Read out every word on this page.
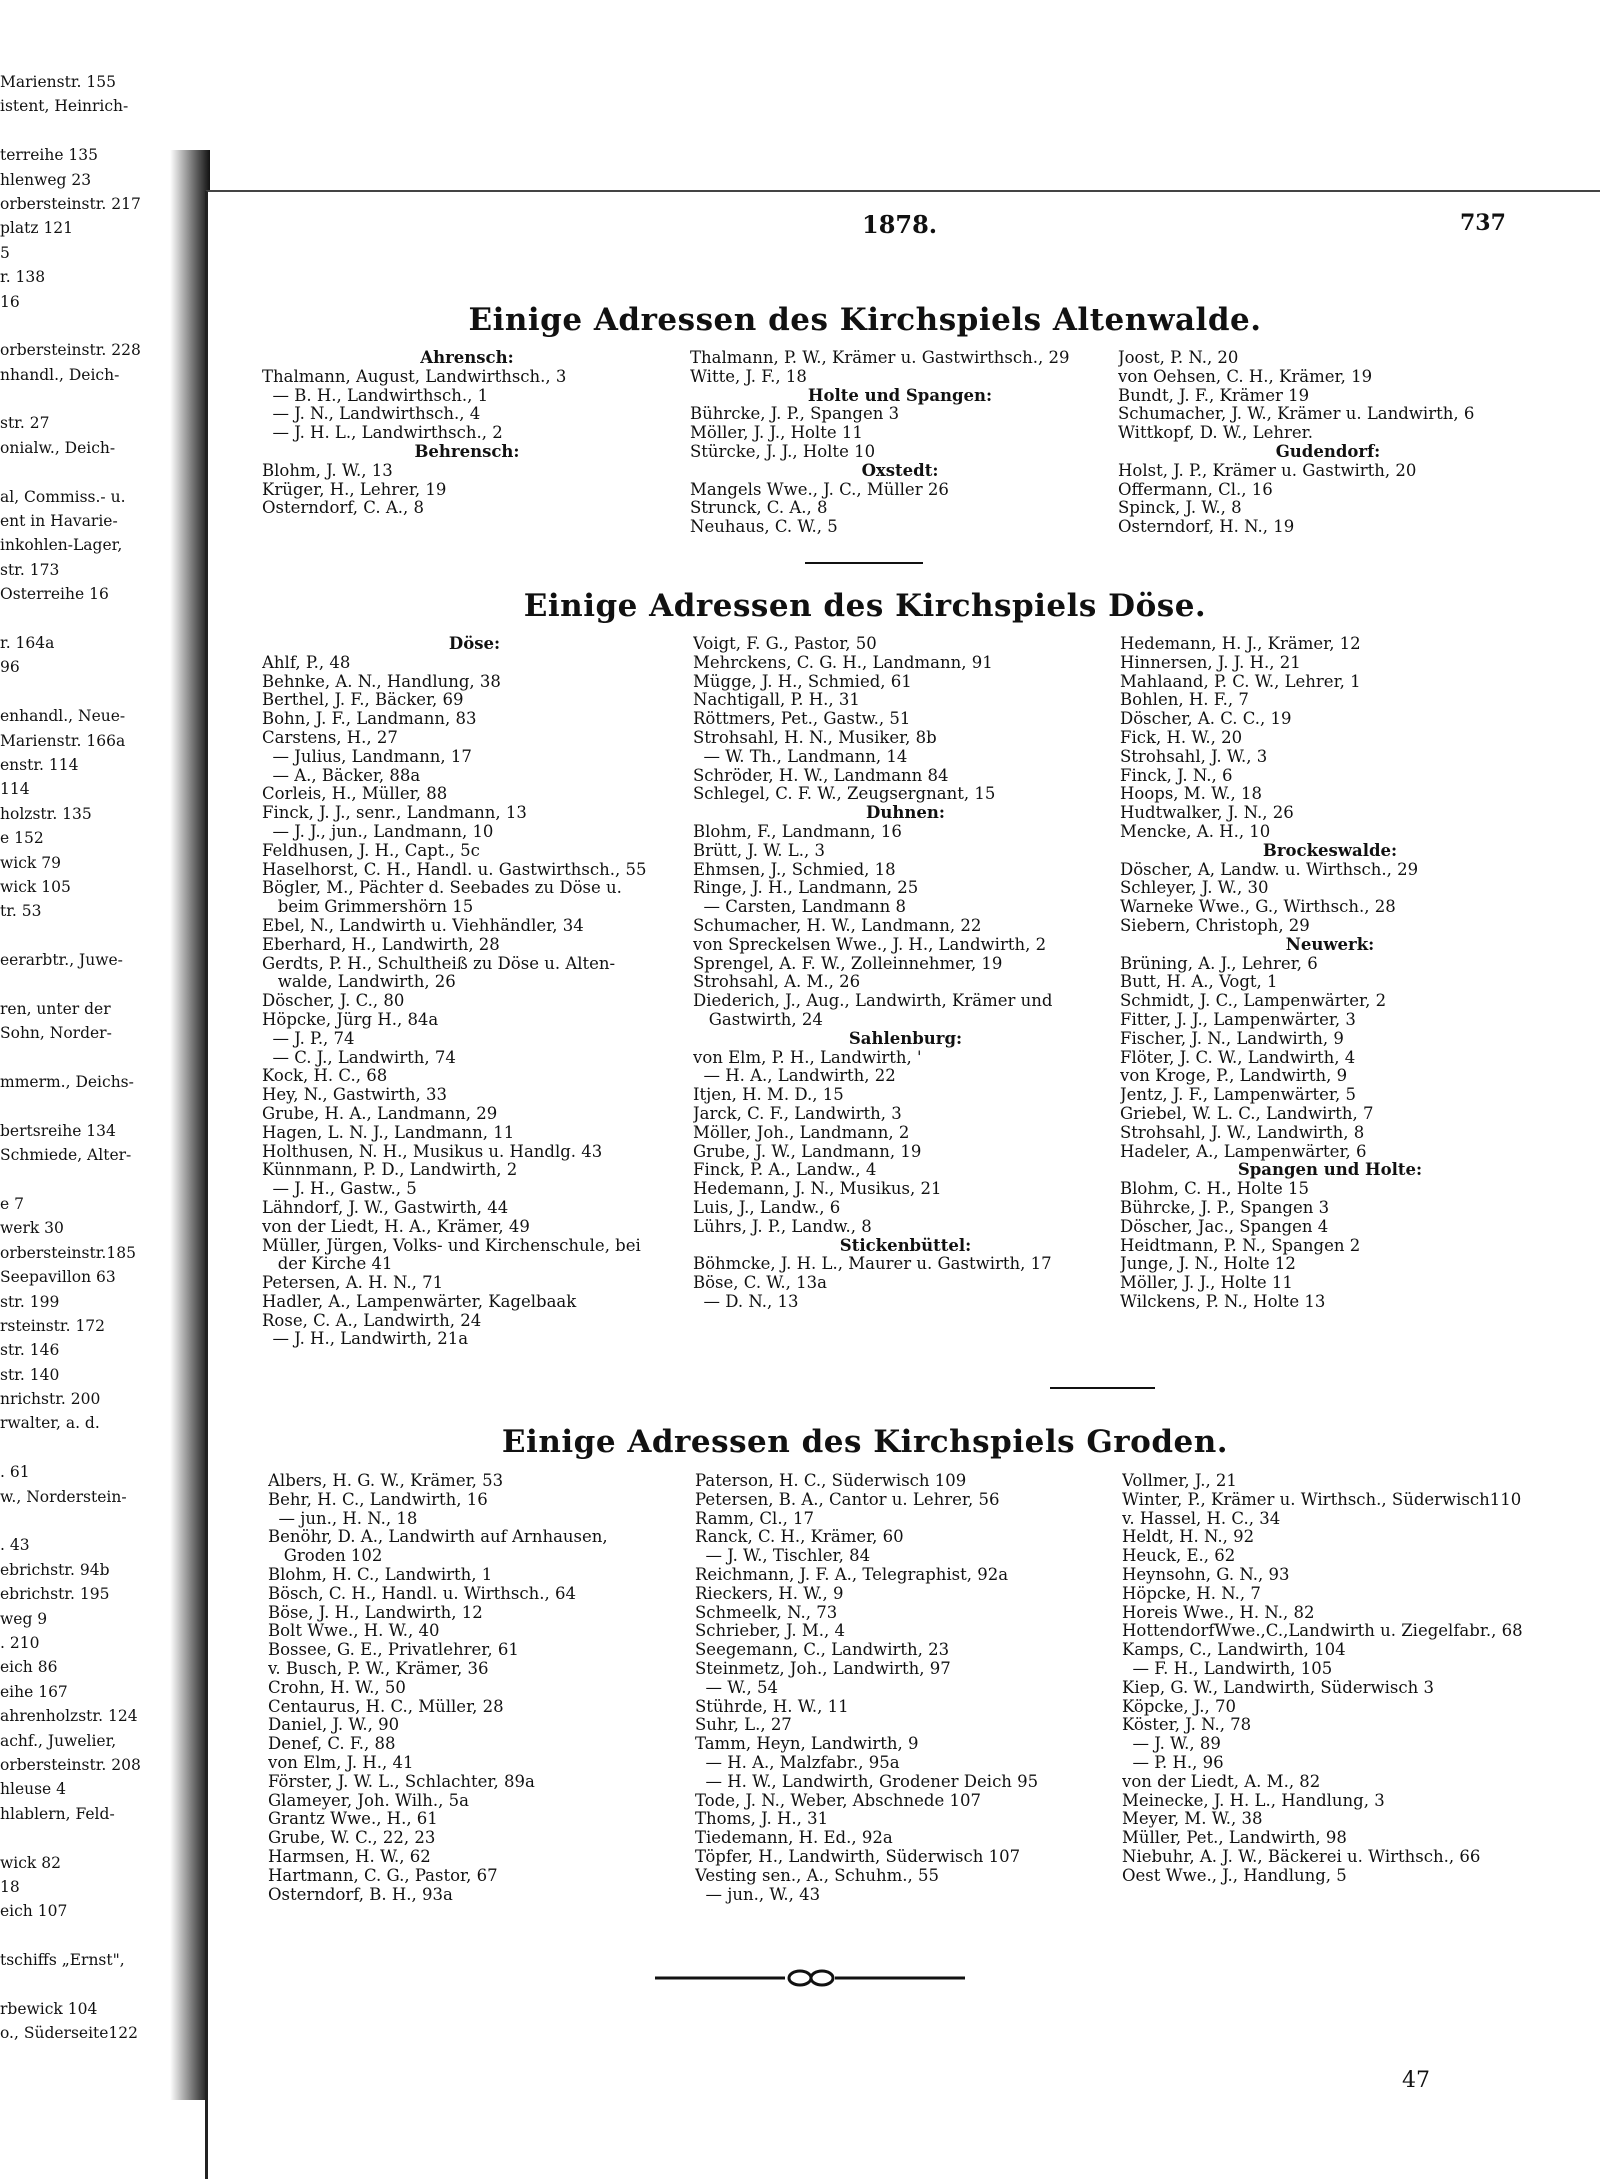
Marienstr. 155
istent, Heinrich-
terreihe 135
hlenweg 23
orbersteinstr. 217
platz 121
5
r. 138
16
orbersteinstr. 228
nhandl., Deich-
str. 27
onialw., Deich-
al, Commiss.- u.
ent in Havarie-
inkohlen-Lager,
str. 173
Osterreihe 16
r. 164a
96
enhandl., Neue-
Marienstr. 166a
enstr. 114
114
holzstr. 135
e 152
wick 79
wick 105
tr. 53
eerarbtr., Juwe-
ren, unter der
Sohn, Norder-
mmerm., Deichs-
bertsreihe 134
Schmiede, Alter-
e 7
werk 30
orbersteinstr.185
Seepavillon 63
str. 199
rsteinstr. 172
str. 146
str. 140
nrichstr. 200
rwalter, a. d.
. 61
w., Norderstein-
. 43
ebrichstr. 94b
ebrichstr. 195
weg 9
. 210
eich 86
eihe 167
ahrenholzstr. 124
achf., Juwelier,
orbersteinstr. 208
hleuse 4
hlablern, Feld-
wick 82
18
eich 107
tschiffs „Ernst",
rbewick 104
o., Süderseite122
1878.	737
Einige Adressen des Kirchspiels Altenwalde.
Ahrensch:
Thalmann, August, Landwirthsch., 3
— B. H., Landwirthsch., 1
— J. N., Landwirthsch., 4
— J. H. L., Landwirthsch., 2
Behrensch:
Blohm, J. W., 13
Krüger, H., Lehrer, 19
Osterndorf, C. A., 8
Thalmann, P. W., Krämer u. Gastwirthsch., 29
Witte, J. F., 18
Holte und Spangen:
Bührcke, J. P., Spangen 3
Möller, J. J., Holte 11
Stürcke, J. J., Holte 10
Oxstedt:
Mangels Wwe., J. C., Müller 26
Strunck, C. A., 8
Neuhaus, C. W., 5
Joost, P. N., 20
von Oehsen, C. H., Krämer, 19
Bundt, J. F., Krämer 19
Schumacher, J. W., Krämer u. Landwirth, 6
Wittkopf, D. W., Lehrer.
Gudendorf:
Holst, J. P., Krämer u. Gastwirth, 20
Offermann, Cl., 16
Spinck, J. W., 8
Osterndorf, H. N., 19
Einige Adressen des Kirchspiels Döse.
Döse:
Ahlf, P., 48
Behnke, A. N., Handlung, 38
Berthel, J. F., Bäcker, 69
Bohn, J. F., Landmann, 83
Carstens, H., 27
— Julius, Landmann, 17
— A., Bäcker, 88a
Corleis, H., Müller, 88
Finck, J. J., senr., Landmann, 13
— J. J., jun., Landmann, 10
Feldhusen, J. H., Capt., 5c
Haselhorst, C. H., Handl. u. Gastwirthsch., 55
Bögler, M., Pächter d. Seebades zu Döse u.
beim Grimmershörn 15
Ebel, N., Landwirth u. Viehhändler, 34
Eberhard, H., Landwirth, 28
Gerdts, P. H., Schultheiß zu Döse u. Alten-
walde, Landwirth, 26
Döscher, J. C., 80
Höpcke, Jürg H., 84a
— J. P., 74
— C. J., Landwirth, 74
Kock, H. C., 68
Hey, N., Gastwirth, 33
Grube, H. A., Landmann, 29
Hagen, L. N. J., Landmann, 11
Holthusen, N. H., Musikus u. Handlg. 43
Künnmann, P. D., Landwirth, 2
— J. H., Gastw., 5
Lähndorf, J. W., Gastwirth, 44
von der Liedt, H. A., Krämer, 49
Müller, Jürgen, Volks- und Kirchenschule, bei
der Kirche 41
Petersen, A. H. N., 71
Hadler, A., Lampenwärter, Kagelbaak
Rose, C. A., Landwirth, 24
— J. H., Landwirth, 21a
Voigt, F. G., Pastor, 50
Mehrckens, C. G. H., Landmann, 91
Mügge, J. H., Schmied, 61
Nachtigall, P. H., 31
Röttmers, Pet., Gastw., 51
Strohsahl, H. N., Musiker, 8b
— W. Th., Landmann, 14
Schröder, H. W., Landmann 84
Schlegel, C. F. W., Zeugsergnant, 15
Duhnen:
Blohm, F., Landmann, 16
Brütt, J. W. L., 3
Ehmsen, J., Schmied, 18
Ringe, J. H., Landmann, 25
— Carsten, Landmann 8
Schumacher, H. W., Landmann, 22
von Spreckelsen Wwe., J. H., Landwirth, 2
Sprengel, A. F. W., Zolleinnehmer, 19
Strohsahl, A. M., 26
Diederich, J., Aug., Landwirth, Krämer und
Gastwirth, 24
Sahlenburg:
von Elm, P. H., Landwirth, '
— H. A., Landwirth, 22
Itjen, H. M. D., 15
Jarck, C. F., Landwirth, 3
Möller, Joh., Landmann, 2
Grube, J. W., Landmann, 19
Finck, P. A., Landw., 4
Hedemann, J. N., Musikus, 21
Luis, J., Landw., 6
Lührs, J. P., Landw., 8
Stickenbüttel:
Böhmcke, J. H. L., Maurer u. Gastwirth, 17
Böse, C. W., 13a
— D. N., 13
Hedemann, H. J., Krämer, 12
Hinnersen, J. J. H., 21
Mahlaand, P. C. W., Lehrer, 1
Bohlen, H. F., 7
Döscher, A. C. C., 19
Fick, H. W., 20
Strohsahl, J. W., 3
Finck, J. N., 6
Hoops, M. W., 18
Hudtwalker, J. N., 26
Mencke, A. H., 10
Brockeswalde:
Döscher, A, Landw. u. Wirthsch., 29
Schleyer, J. W., 30
Warneke Wwe., G., Wirthsch., 28
Siebern, Christoph, 29
Neuwerk:
Brüning, A. J., Lehrer, 6
Butt, H. A., Vogt, 1
Schmidt, J. C., Lampenwärter, 2
Fitter, J. J., Lampenwärter, 3
Fischer, J. N., Landwirth, 9
Flöter, J. C. W., Landwirth, 4
von Kroge, P., Landwirth, 9
Jentz, J. F., Lampenwärter, 5
Griebel, W. L. C., Landwirth, 7
Strohsahl, J. W., Landwirth, 8
Hadeler, A., Lampenwärter, 6
Spangen und Holte:
Blohm, C. H., Holte 15
Bührcke, J. P., Spangen 3
Döscher, Jac., Spangen 4
Heidtmann, P. N., Spangen 2
Junge, J. N., Holte 12
Möller, J. J., Holte 11
Wilckens, P. N., Holte 13
Einige Adressen des Kirchspiels Groden.
Albers, H. G. W., Krämer, 53
Behr, H. C., Landwirth, 16
— jun., H. N., 18
Benöhr, D. A., Landwirth auf Arnhausen,
Groden 102
Blohm, H. C., Landwirth, 1
Bösch, C. H., Handl. u. Wirthsch., 64
Böse, J. H., Landwirth, 12
Bolt Wwe., H. W., 40
Bossee, G. E., Privatlehrer, 61
v. Busch, P. W., Krämer, 36
Crohn, H. W., 50
Centaurus, H. C., Müller, 28
Daniel, J. W., 90
Denef, C. F., 88
von Elm, J. H., 41
Förster, J. W. L., Schlachter, 89a
Glameyer, Joh. Wilh., 5a
Grantz Wwe., H., 61
Grube, W. C., 22, 23
Harmsen, H. W., 62
Hartmann, C. G., Pastor, 67
Osterndorf, B. H., 93a
Paterson, H. C., Süderwisch 109
Petersen, B. A., Cantor u. Lehrer, 56
Ramm, Cl., 17
Ranck, C. H., Krämer, 60
— J. W., Tischler, 84
Reichmann, J. F. A., Telegraphist, 92a
Rieckers, H. W., 9
Schmeelk, N., 73
Schrieber, J. M., 4
Seegemann, C., Landwirth, 23
Steinmetz, Joh., Landwirth, 97
— W., 54
Stührde, H. W., 11
Suhr, L., 27
Tamm, Heyn, Landwirth, 9
— H. A., Malzfabr., 95a
— H. W., Landwirth, Grodener Deich 95
Tode, J. N., Weber, Abschnede 107
Thoms, J. H., 31
Tiedemann, H. Ed., 92a
Töpfer, H., Landwirth, Süderwisch 107
Vesting sen., A., Schuhm., 55
— jun., W., 43
Vollmer, J., 21
Winter, P., Krämer u. Wirthsch., Süderwisch110
v. Hassel, H. C., 34
Heldt, H. N., 92
Heuck, E., 62
Heynsohn, G. N., 93
Höpcke, H. N., 7
Horeis Wwe., H. N., 82
HottendorfWwe.,C.,Landwirth u. Ziegelfabr., 68
Kamps, C., Landwirth, 104
— F. H., Landwirth, 105
Kiep, G. W., Landwirth, Süderwisch 3
Köpcke, J., 70
Köster, J. N., 78
— J. W., 89
— P. H., 96
von der Liedt, A. M., 82
Meinecke, J. H. L., Handlung, 3
Meyer, M. W., 38
Müller, Pet., Landwirth, 98
Niebuhr, A. J. W., Bäckerei u. Wirthsch., 66
Oest Wwe., J., Handlung, 5
47
